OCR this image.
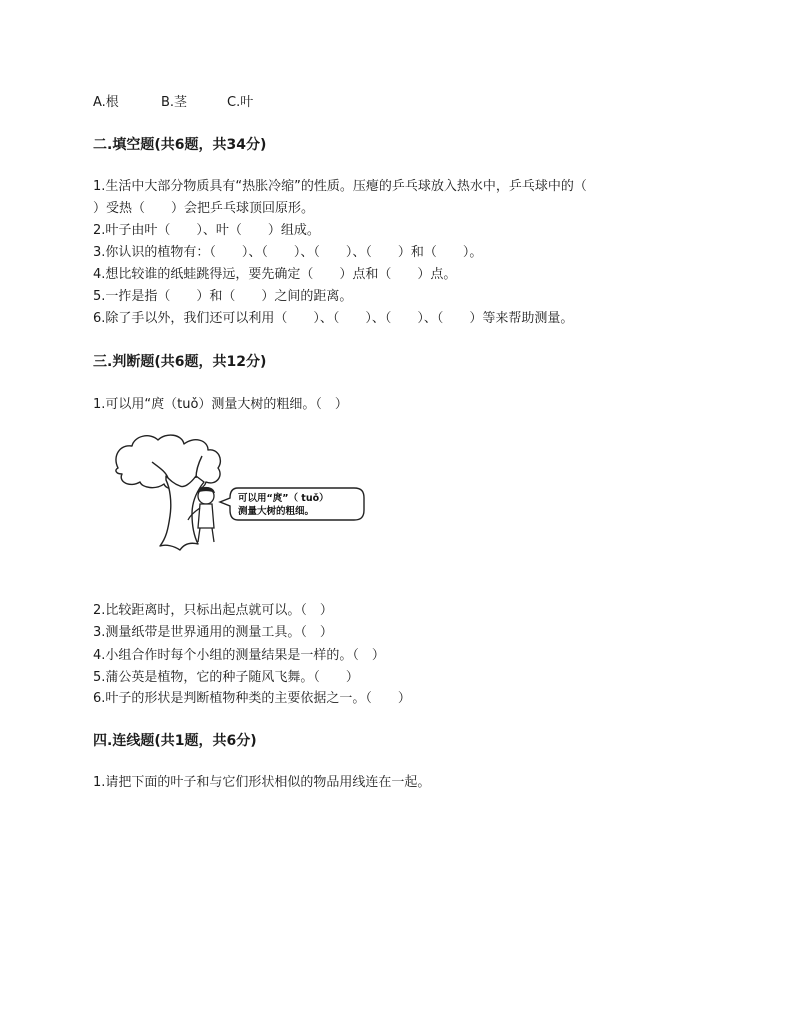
A.根	B.茎	C.叶
二.填空题(共6题，共34分)
1.生活中大部分物质具有“热胀冷缩”的性质。压瘪的乒乓球放入热水中，乒乓球中的（
）受热（　　）会把乒乓球顶回原形。
2.叶子由叶（　　）、叶（　　）组成。
3.你认识的植物有：（　　）、（　　）、（　　）、（　　）和（　　）。
4.想比较谁的纸蛙跳得远，要先确定（　　）点和（　　）点。
5.一拃是指（　　）和（　　）之间的距离。
6.除了手以外，我们还可以利用（　　）、（　　）、（　　）、（　　）等来帮助测量。
三.判断题(共6题，共12分)
1.可以用“庹（tuǒ）测量大树的粗细。（　）
可以用“庹”（ tuǒ）
测量大树的粗细。
2.比较距离时，只标出起点就可以。（　）
3.测量纸带是世界通用的测量工具。（　）
4.小组合作时每个小组的测量结果是一样的。（　）
5.蒲公英是植物，它的种子随风飞舞。（　　）
6.叶子的形状是判断植物种类的主要依据之一。（　　）
四.连线题(共1题，共6分)
1.请把下面的叶子和与它们形状相似的物品用线连在一起。
